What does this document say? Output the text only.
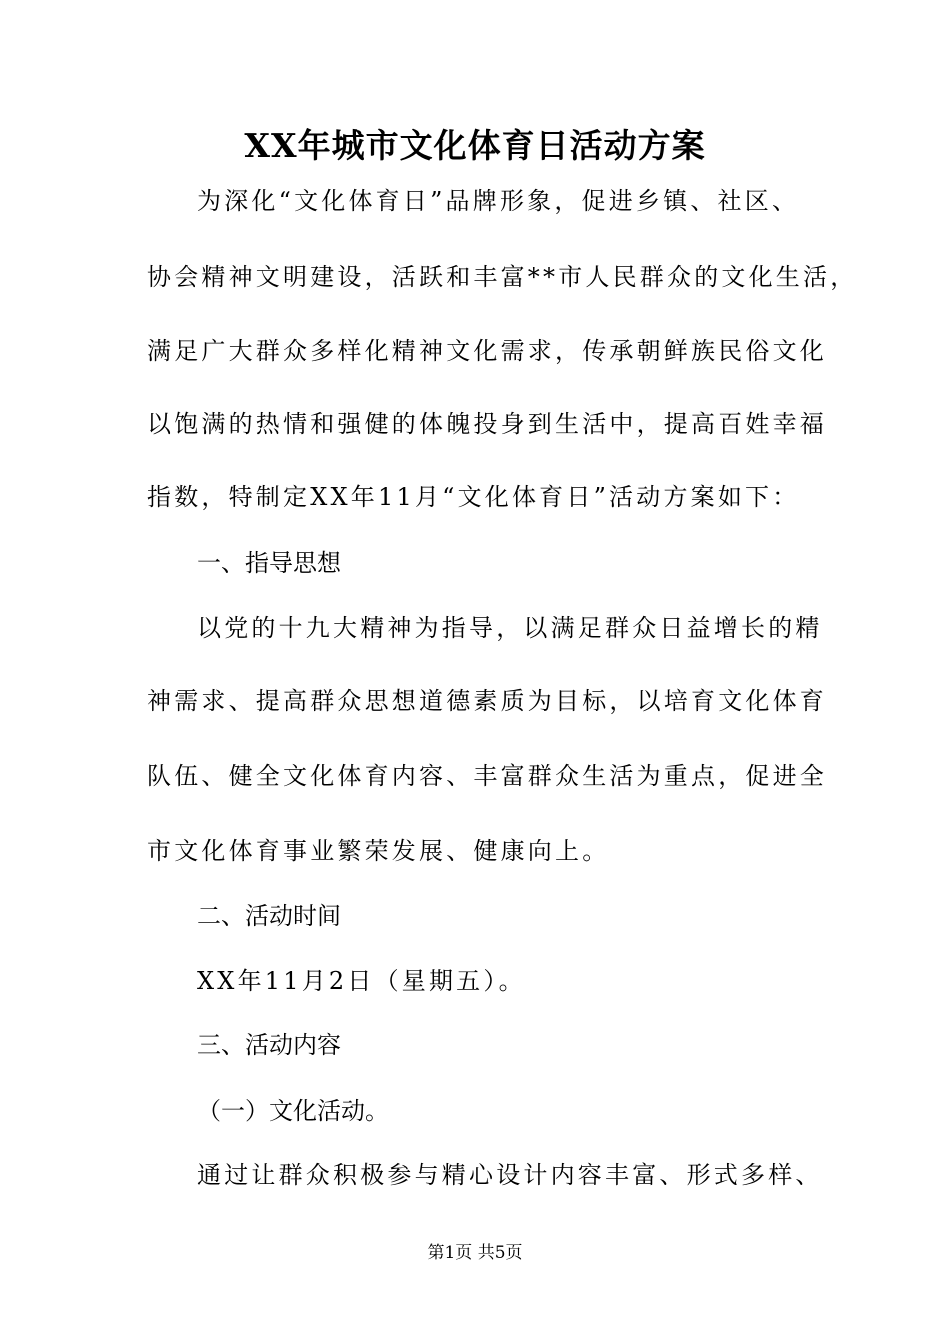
XX年城市文化体育日活动方案
为深化“文化体育日”品牌形象，促进乡镇、社区、
协会精神文明建设，活跃和丰富**市人民群众的文化生活，
满足广大群众多样化精神文化需求，传承朝鲜族民俗文化
以饱满的热情和强健的体魄投身到生活中，提高百姓幸福
指数，特制定XX年11月“文化体育日”活动方案如下：
一、指导思想
以党的十九大精神为指导，以满足群众日益增长的精
神需求、提高群众思想道德素质为目标，以培育文化体育
队伍、健全文化体育内容、丰富群众生活为重点，促进全
市文化体育事业繁荣发展、健康向上。
二、活动时间
XX年11月2日（星期五）。
三、活动内容
（一）文化活动。
通过让群众积极参与精心设计内容丰富、形式多样、
第1页 共5页
